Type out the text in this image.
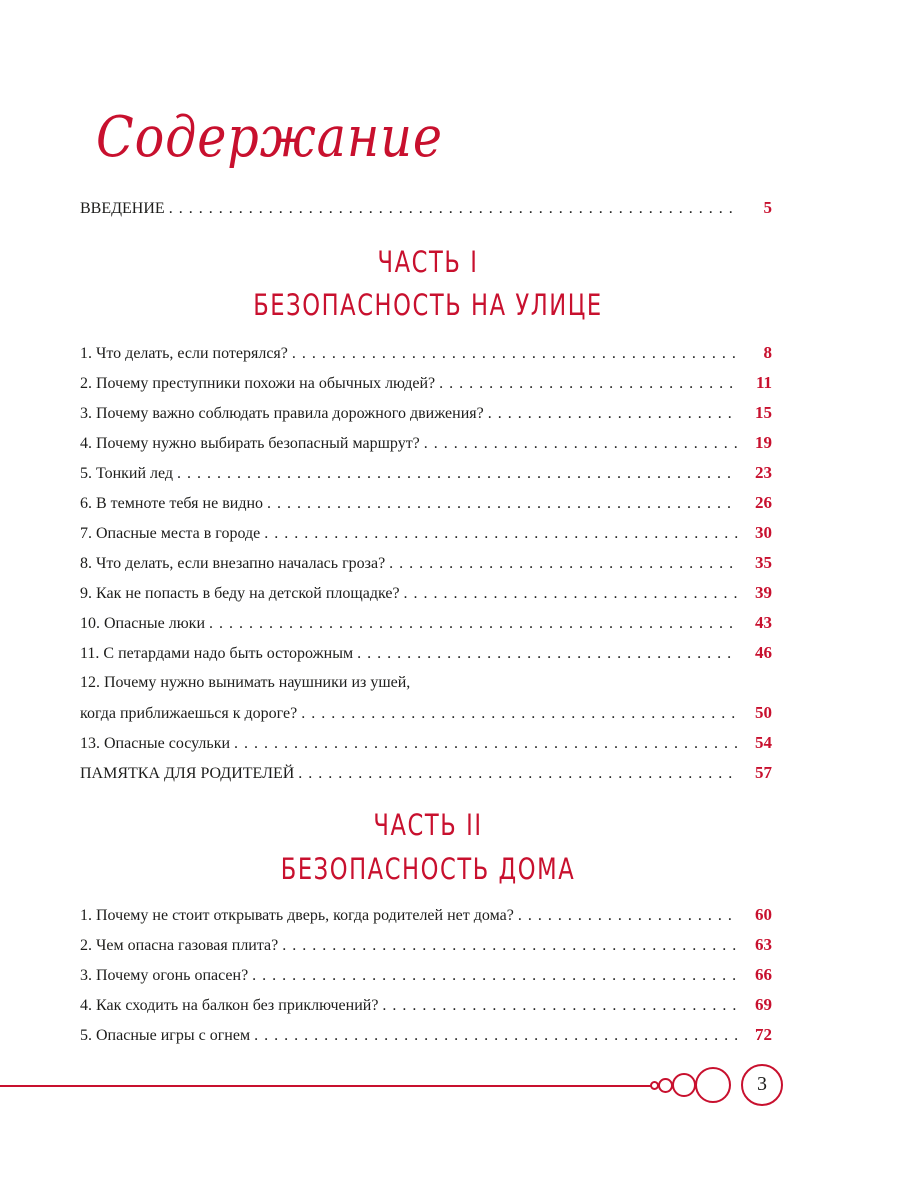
Содержание
ВВЕДЕНИЕ . . .	5
ЧАСТЬ I
БЕЗОПАСНОСТЬ НА УЛИЦЕ
1. Что делать, если потерялся? . . .	8
2. Почему преступники похожи на обычных людей? . . .	11
3. Почему важно соблюдать правила дорожного движения? . . .	15
4. Почему нужно выбирать безопасный маршрут? . . .	19
5. Тонкий лед . . .	23
6. В темноте тебя не видно . . .	26
7. Опасные места в городе . . .	30
8. Что делать, если внезапно началась гроза? . . .	35
9. Как не попасть в беду на детской площадке? . . .	39
10. Опасные люки . . .	43
11. С петардами надо быть осторожным . . .	46
12. Почему нужно вынимать наушники из ушей,
когда приближаешься к дороге? . . .	50
13. Опасные сосульки . . .	54
ПАМЯТКА ДЛЯ РОДИТЕЛЕЙ . . .	57
ЧАСТЬ II
БЕЗОПАСНОСТЬ ДОМА
1. Почему не стоит открывать дверь, когда родителей нет дома? . . .	60
2. Чем опасна газовая плита? . . .	63
3. Почему огонь опасен? . . .	66
4. Как сходить на балкон без приключений? . . .	69
5. Опасные игры с огнем . . .	72
3
